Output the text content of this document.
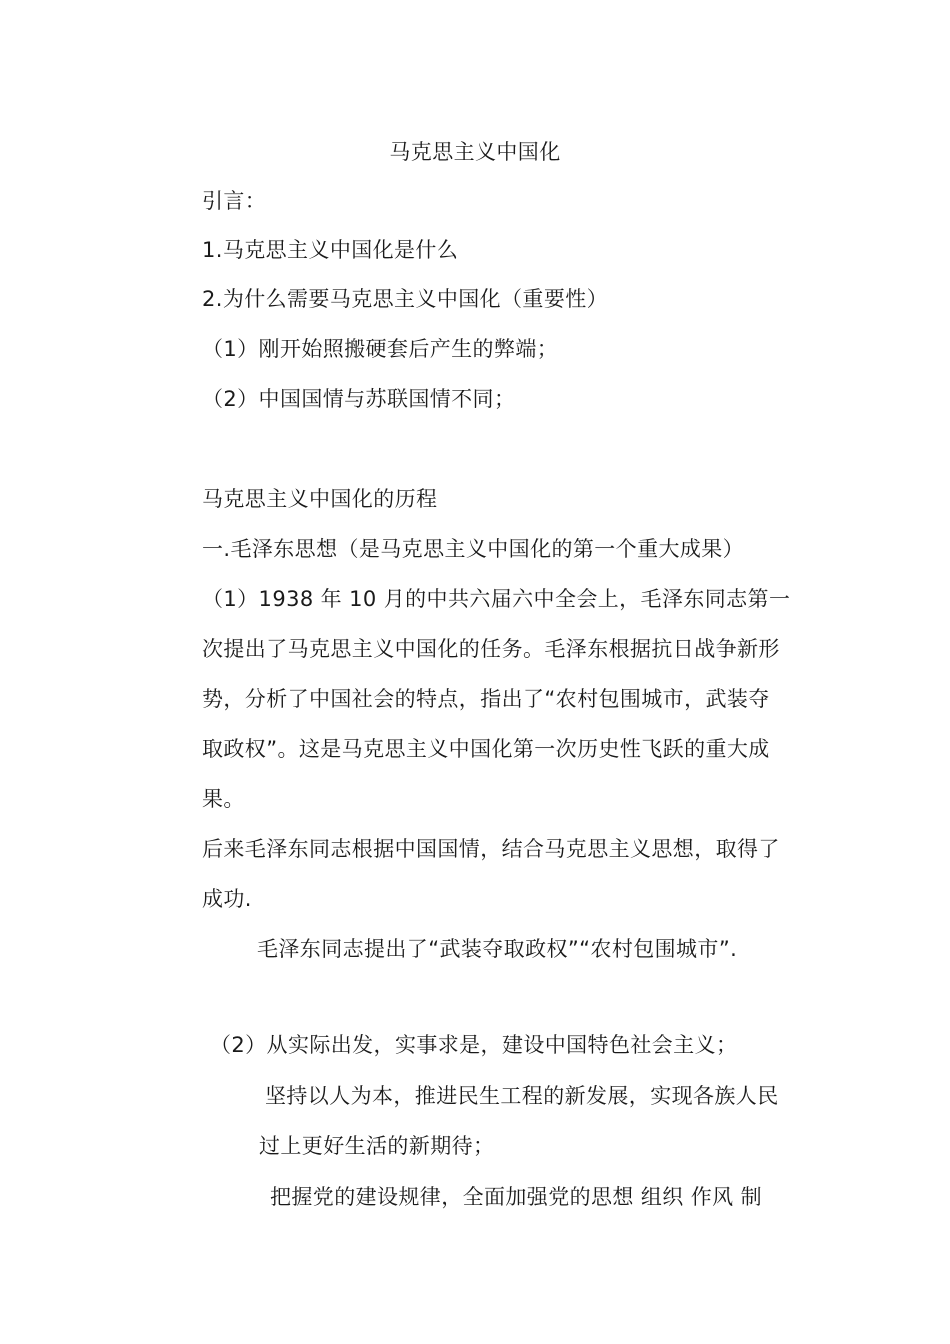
马克思主义中国化
引言：
1.马克思主义中国化是什么
2.为什么需要马克思主义中国化（重要性）
（1）刚开始照搬硬套后产生的弊端；
（2）中国国情与苏联国情不同；
马克思主义中国化的历程
一.毛泽东思想（是马克思主义中国化的第一个重大成果）
（1）1938 年 10 月的中共六届六中全会上，毛泽东同志第一
次提出了马克思主义中国化的任务。毛泽东根据抗日战争新形
势，分析了中国社会的特点，指出了“农村包围城市，武装夺
取政权”。这是马克思主义中国化第一次历史性飞跃的重大成
果。
后来毛泽东同志根据中国国情，结合马克思主义思想，取得了
成功.
毛泽东同志提出了“武装夺取政权”“农村包围城市”.
（2）从实际出发，实事求是，建设中国特色社会主义；
坚持以人为本，推进民生工程的新发展，实现各族人民
过上更好生活的新期待；
把握党的建设规律，全面加强党的思想 组织 作风 制
